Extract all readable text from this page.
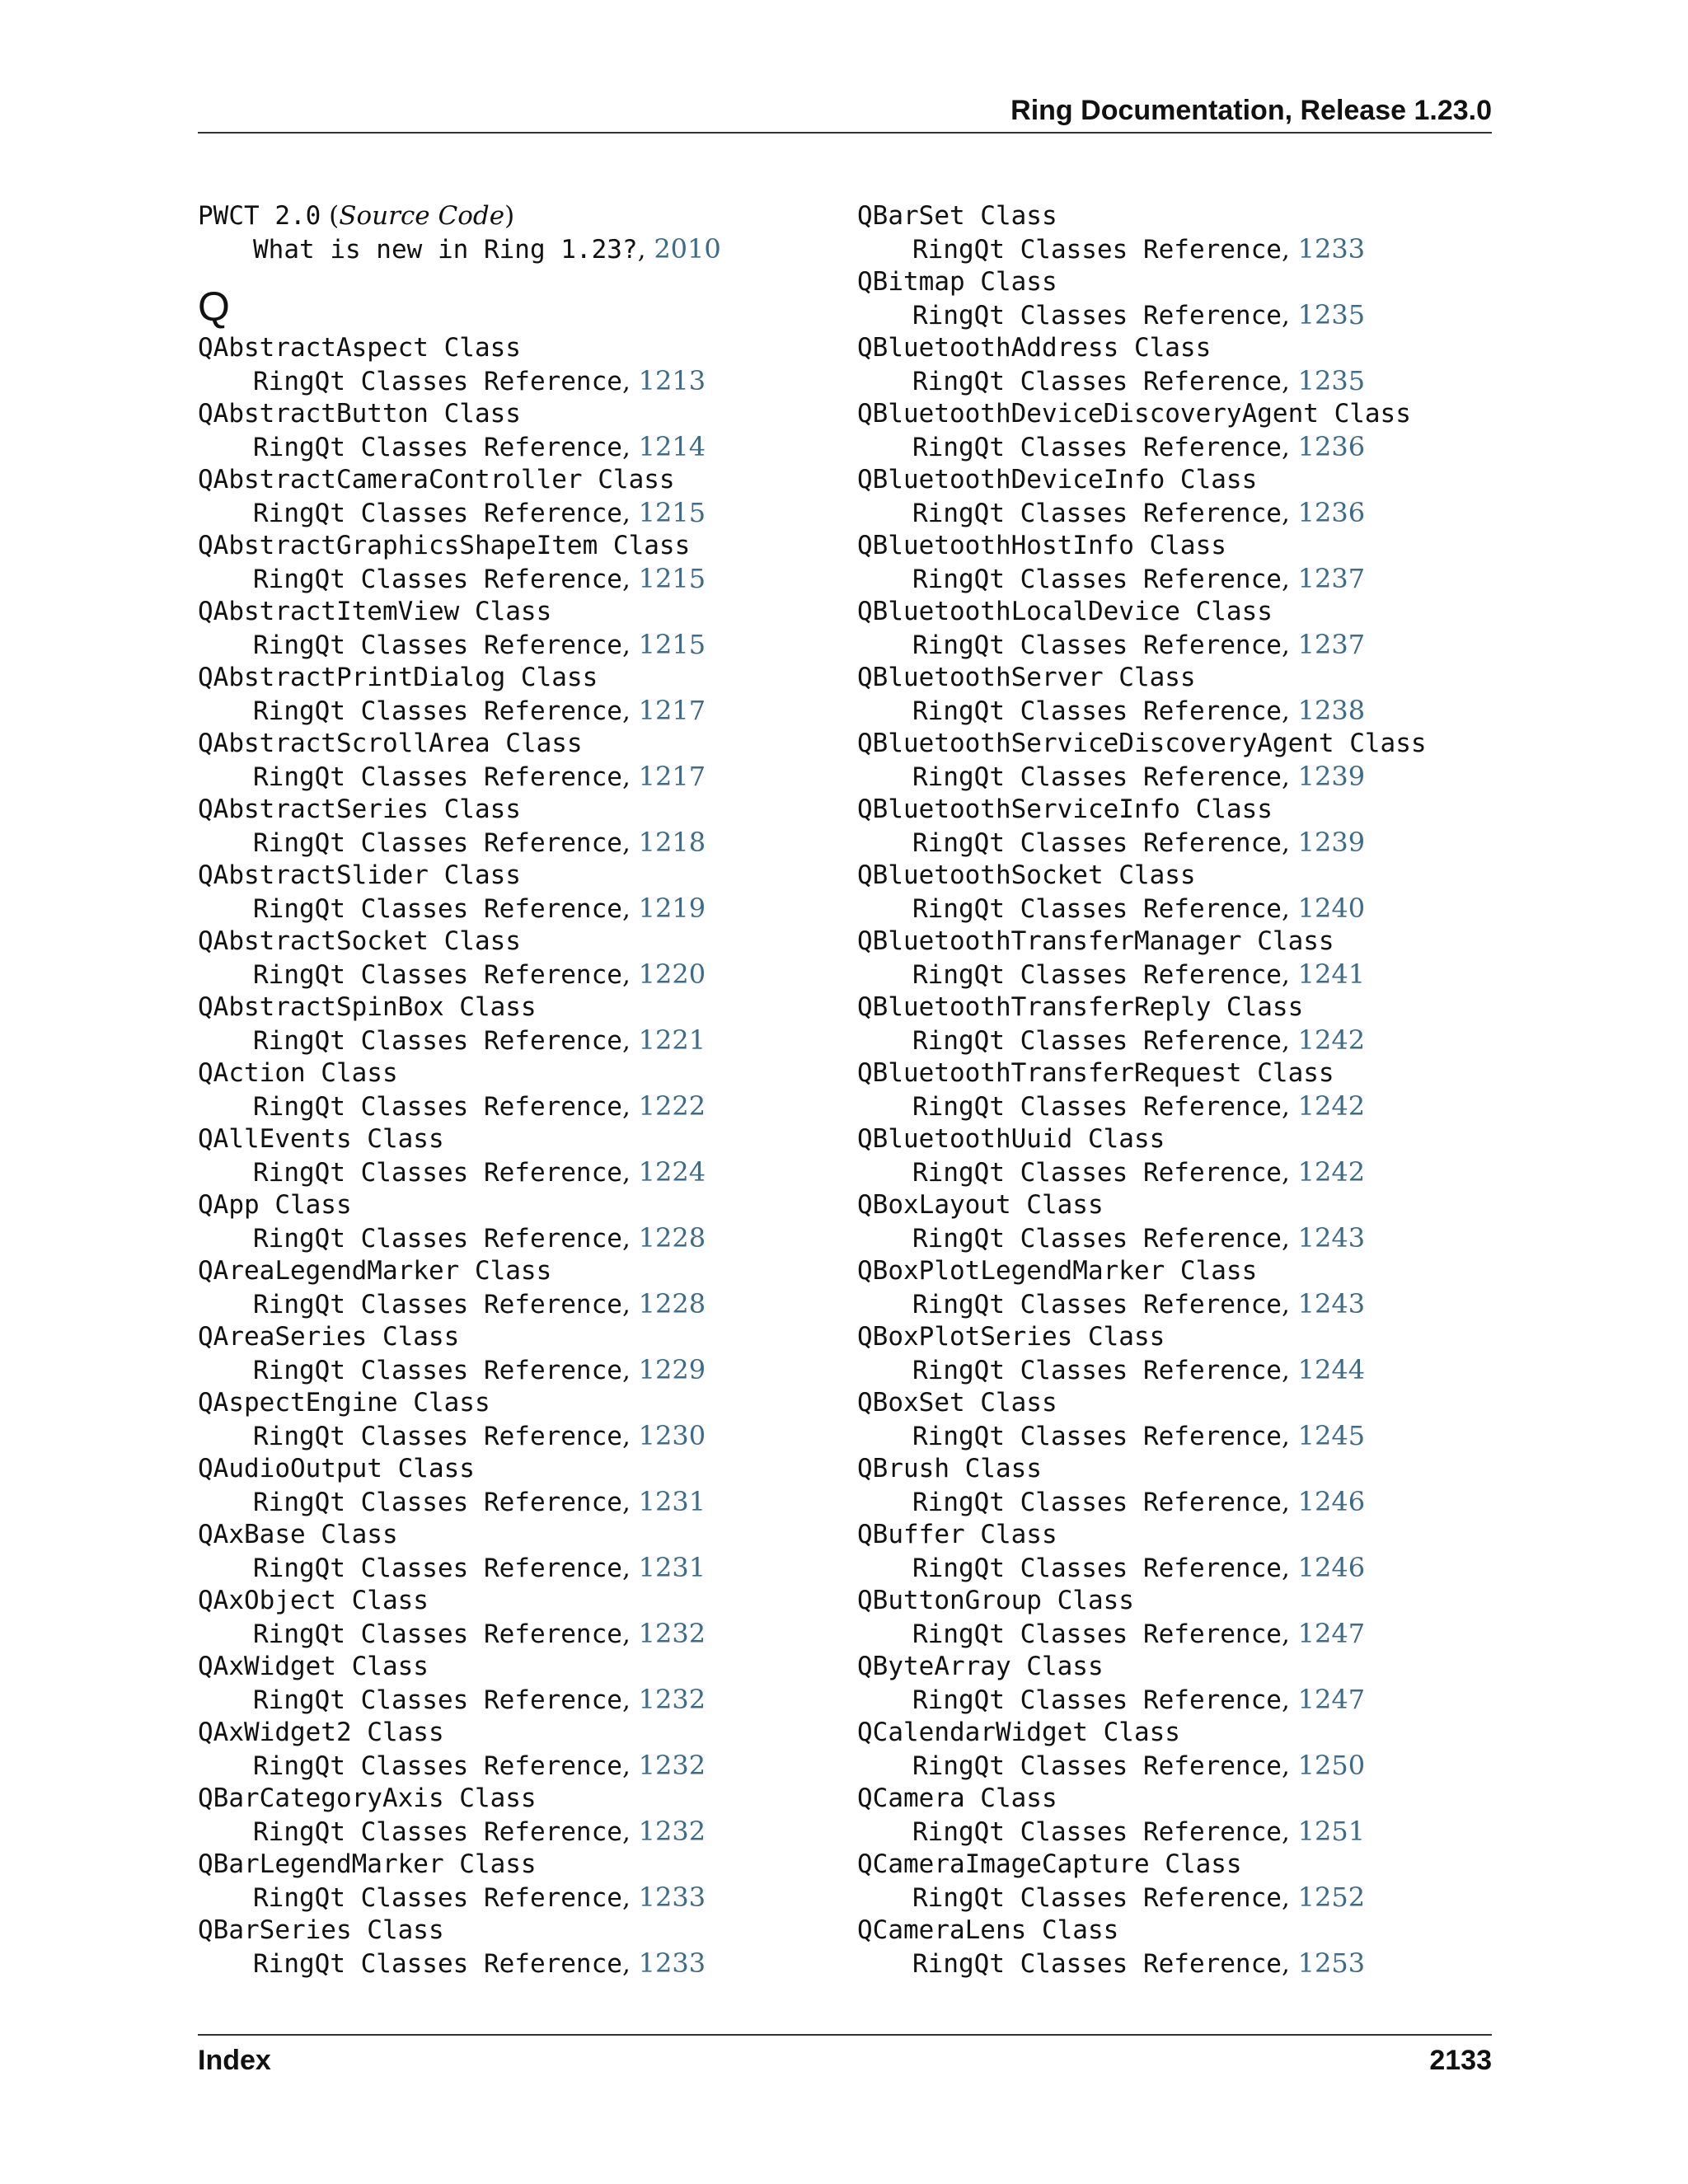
Ring Documentation, Release 1.23.0
PWCT 2.0 (Source Code)
What is new in Ring 1.23?, 2010
Q
QAbstractAspect Class
RingQt Classes Reference, 1213
QAbstractButton Class
RingQt Classes Reference, 1214
QAbstractCameraController Class
RingQt Classes Reference, 1215
QAbstractGraphicsShapeItem Class
RingQt Classes Reference, 1215
QAbstractItemView Class
RingQt Classes Reference, 1215
QAbstractPrintDialog Class
RingQt Classes Reference, 1217
QAbstractScrollArea Class
RingQt Classes Reference, 1217
QAbstractSeries Class
RingQt Classes Reference, 1218
QAbstractSlider Class
RingQt Classes Reference, 1219
QAbstractSocket Class
RingQt Classes Reference, 1220
QAbstractSpinBox Class
RingQt Classes Reference, 1221
QAction Class
RingQt Classes Reference, 1222
QAllEvents Class
RingQt Classes Reference, 1224
QApp Class
RingQt Classes Reference, 1228
QAreaLegendMarker Class
RingQt Classes Reference, 1228
QAreaSeries Class
RingQt Classes Reference, 1229
QAspectEngine Class
RingQt Classes Reference, 1230
QAudioOutput Class
RingQt Classes Reference, 1231
QAxBase Class
RingQt Classes Reference, 1231
QAxObject Class
RingQt Classes Reference, 1232
QAxWidget Class
RingQt Classes Reference, 1232
QAxWidget2 Class
RingQt Classes Reference, 1232
QBarCategoryAxis Class
RingQt Classes Reference, 1232
QBarLegendMarker Class
RingQt Classes Reference, 1233
QBarSeries Class
RingQt Classes Reference, 1233
QBarSet Class
RingQt Classes Reference, 1233
QBitmap Class
RingQt Classes Reference, 1235
QBluetoothAddress Class
RingQt Classes Reference, 1235
QBluetoothDeviceDiscoveryAgent Class
RingQt Classes Reference, 1236
QBluetoothDeviceInfo Class
RingQt Classes Reference, 1236
QBluetoothHostInfo Class
RingQt Classes Reference, 1237
QBluetoothLocalDevice Class
RingQt Classes Reference, 1237
QBluetoothServer Class
RingQt Classes Reference, 1238
QBluetoothServiceDiscoveryAgent Class
RingQt Classes Reference, 1239
QBluetoothServiceInfo Class
RingQt Classes Reference, 1239
QBluetoothSocket Class
RingQt Classes Reference, 1240
QBluetoothTransferManager Class
RingQt Classes Reference, 1241
QBluetoothTransferReply Class
RingQt Classes Reference, 1242
QBluetoothTransferRequest Class
RingQt Classes Reference, 1242
QBluetoothUuid Class
RingQt Classes Reference, 1242
QBoxLayout Class
RingQt Classes Reference, 1243
QBoxPlotLegendMarker Class
RingQt Classes Reference, 1243
QBoxPlotSeries Class
RingQt Classes Reference, 1244
QBoxSet Class
RingQt Classes Reference, 1245
QBrush Class
RingQt Classes Reference, 1246
QBuffer Class
RingQt Classes Reference, 1246
QButtonGroup Class
RingQt Classes Reference, 1247
QByteArray Class
RingQt Classes Reference, 1247
QCalendarWidget Class
RingQt Classes Reference, 1250
QCamera Class
RingQt Classes Reference, 1251
QCameraImageCapture Class
RingQt Classes Reference, 1252
QCameraLens Class
RingQt Classes Reference, 1253
Index	2133
